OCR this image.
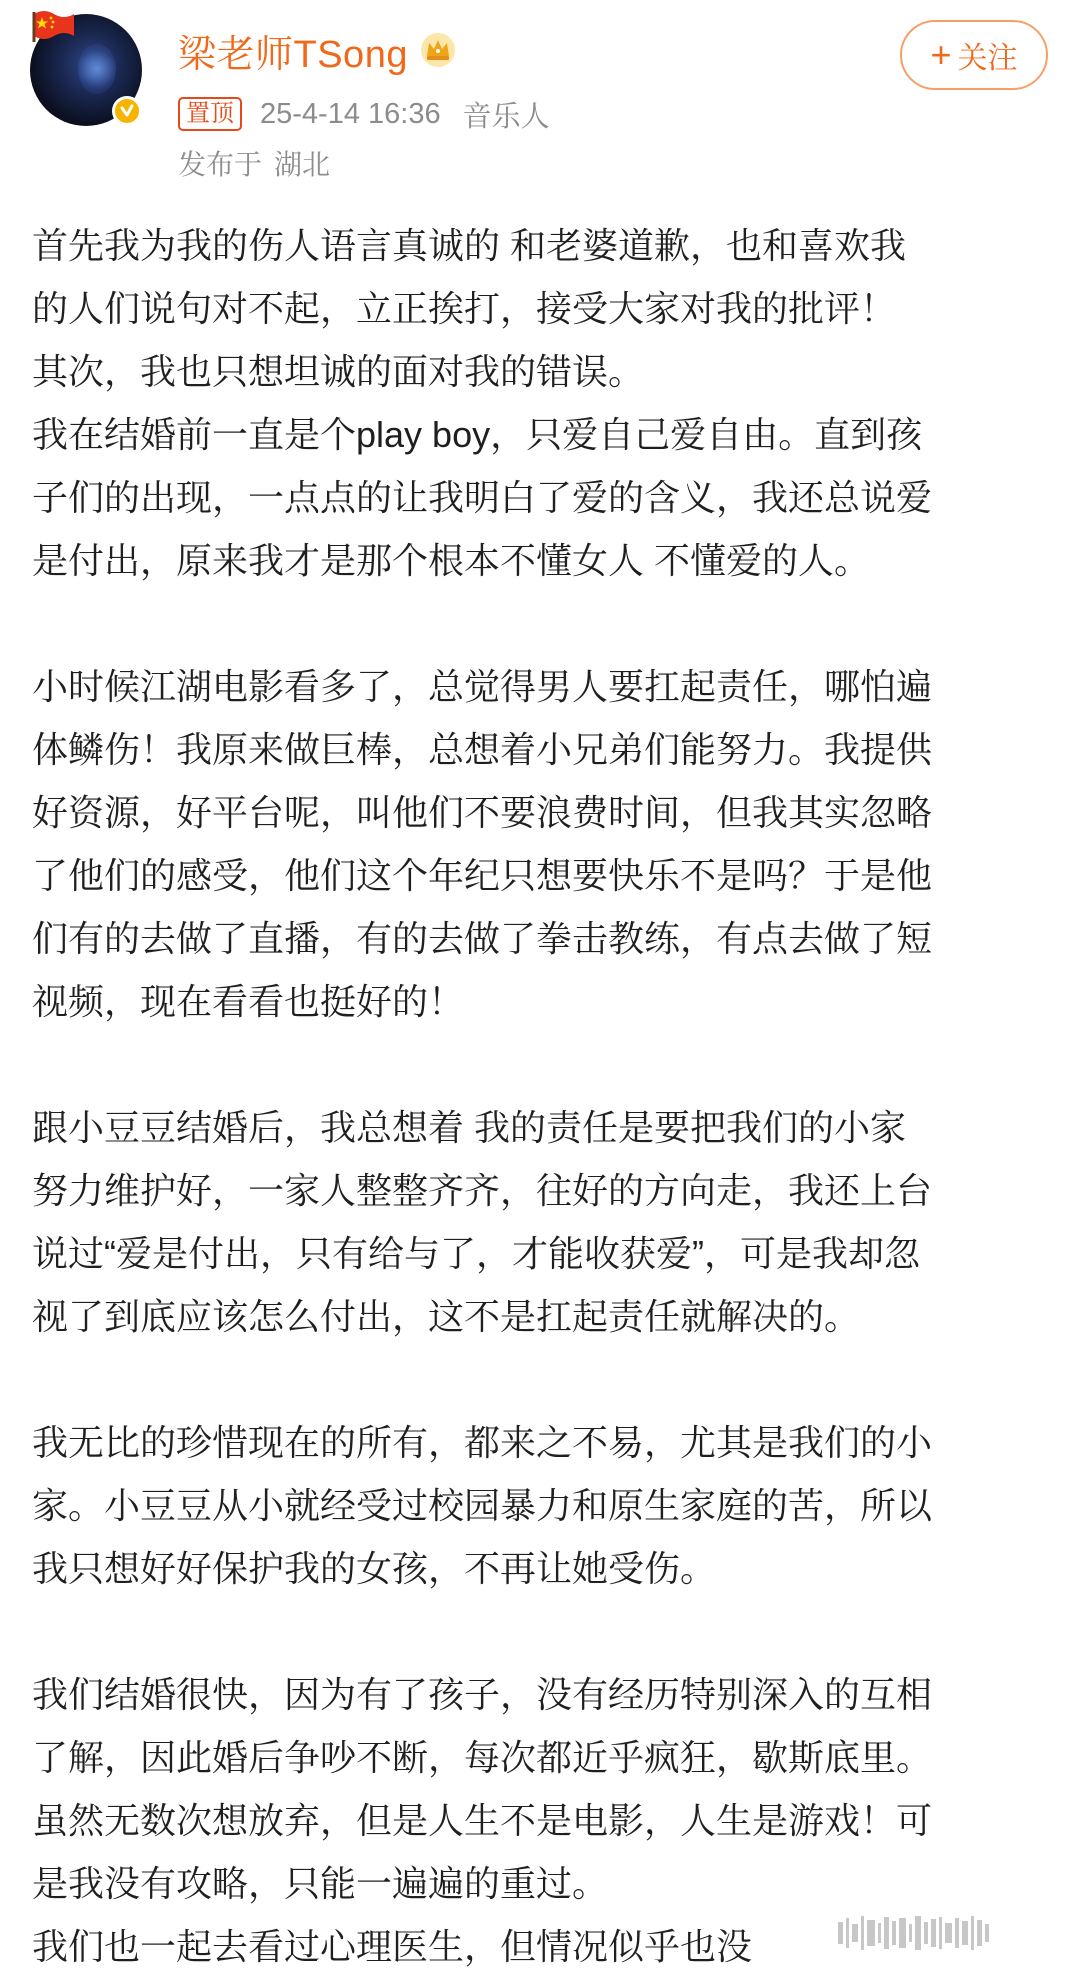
梁老师TSong
置顶 25-4-14 16:36 音乐人
发布于 湖北
+ 关注

首先我为我的伤人语言真诚的 和老婆道歉，也和喜欢我

的人们说句对不起，立正挨打，接受大家对我的批评！

其次，我也只想坦诚的面对我的错误。

我在结婚前一直是个play boy，只爱自己爱自由。直到孩

子们的出现，一点点的让我明白了爱的含义，我还总说爱

是付出，原来我才是那个根本不懂女人 不懂爱的人。

小时候江湖电影看多了，总觉得男人要扛起责任，哪怕遍

体鳞伤！我原来做巨棒，总想着小兄弟们能努力。我提供

好资源，好平台呢，叫他们不要浪费时间，但我其实忽略

了他们的感受，他们这个年纪只想要快乐不是吗？于是他

们有的去做了直播，有的去做了拳击教练，有点去做了短

视频，现在看看也挺好的！

跟小豆豆结婚后，我总想着 我的责任是要把我们的小家

努力维护好，一家人整整齐齐，往好的方向走，我还上台

说过“爱是付出，只有给与了，才能收获爱”，可是我却忽

视了到底应该怎么付出，这不是扛起责任就解决的。

我无比的珍惜现在的所有，都来之不易，尤其是我们的小

家。小豆豆从小就经受过校园暴力和原生家庭的苦，所以

我只想好好保护我的女孩，不再让她受伤。

我们结婚很快，因为有了孩子，没有经历特别深入的互相

了解，因此婚后争吵不断，每次都近乎疯狂，歇斯底里。

虽然无数次想放弃，但是人生不是电影，人生是游戏！可

是我没有攻略，只能一遍遍的重过。

我们也一起去看过心理医生，但情况似乎也没
